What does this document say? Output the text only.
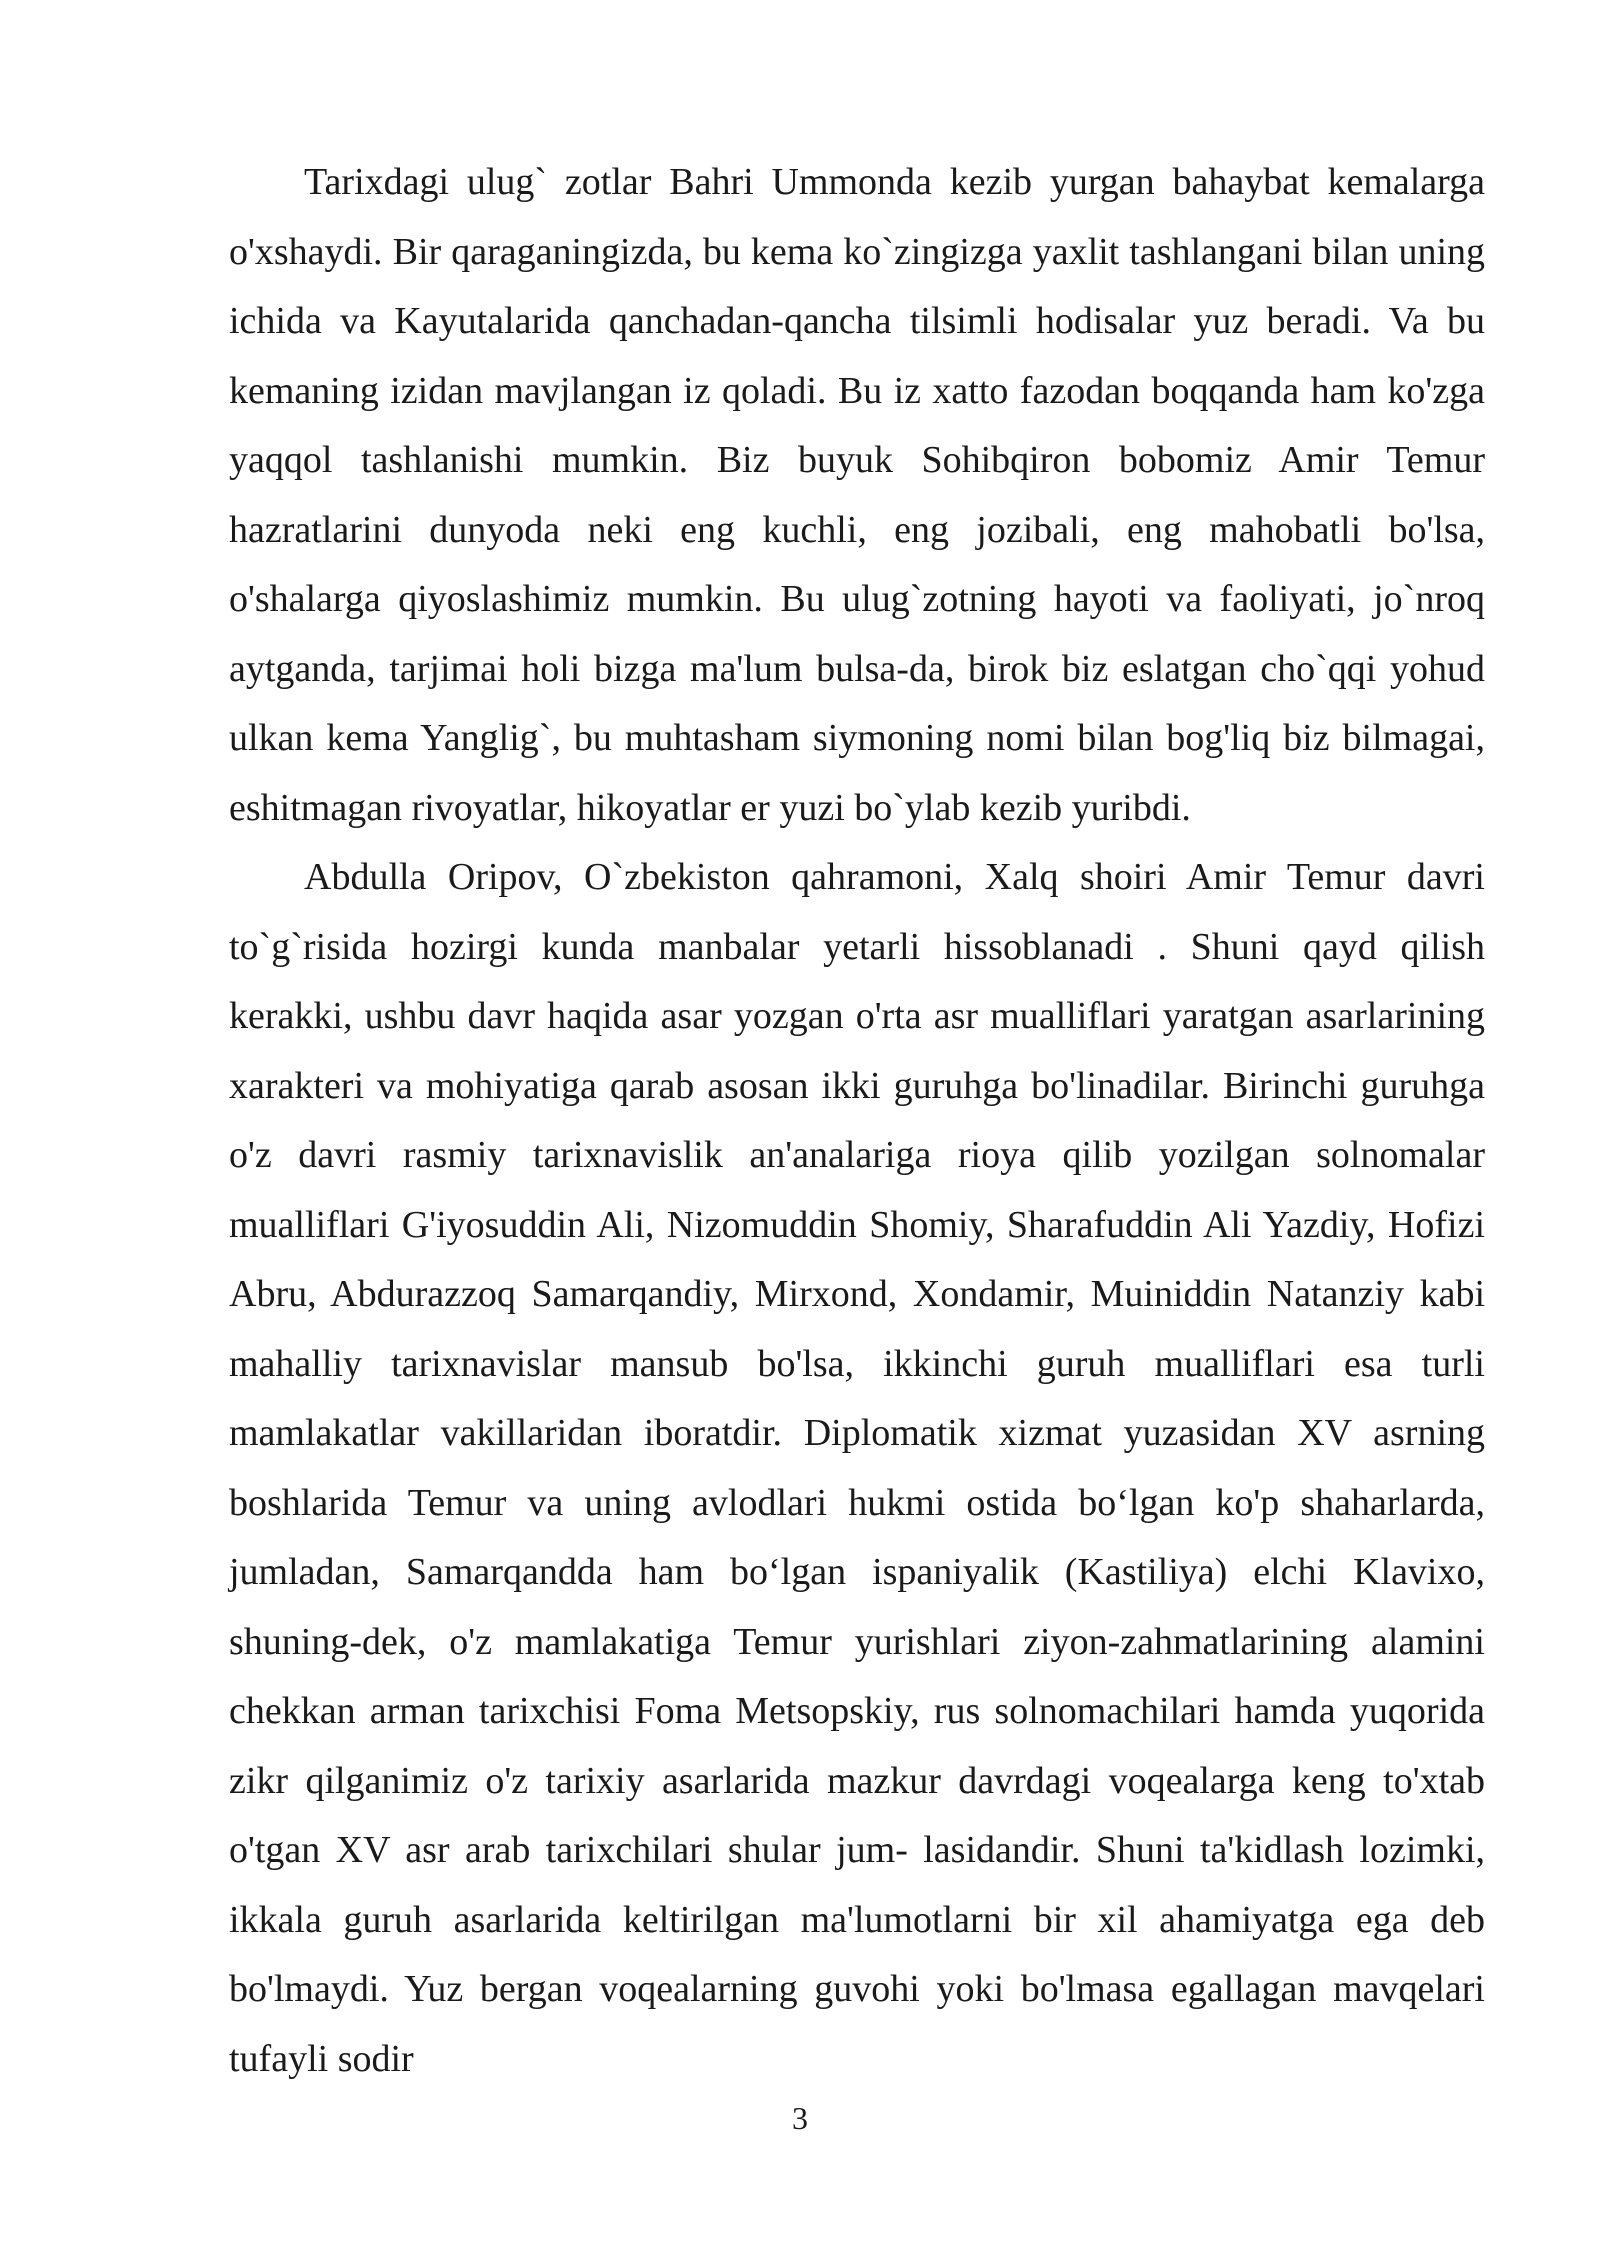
Tarixdagi ulug` zotlar Bahri Ummonda kezib yurgan bahaybat kemalarga o'xshaydi. Bir qaraganingizda, bu kema ko`zingizga yaxlit tashlangani bilan uning ichida va Kayutalarida qanchadan-qancha tilsimli hodisalar yuz beradi. Va bu kemaning izidan mavjlangan iz qoladi. Bu iz xatto fazodan boqqanda ham ko'zga yaqqol tashlanishi mumkin. Biz buyuk Sohibqiron bobomiz Amir Temur hazratlarini dunyoda neki eng kuchli, eng jozibali, eng mahobatli bo'lsa, o'shalarga qiyoslashimiz mumkin. Bu ulug`zotning hayoti va faoliyati, jo`nroq aytganda, tarjimai holi bizga ma'lum bulsa-da, birok biz eslatgan cho`qqi yohud ulkan kema Yanglig`, bu muhtasham siymoning nomi bilan bog'liq biz bilmagai, eshitmagan rivoyatlar, hikoyatlar er yuzi bo`ylab kezib yuribdi.

Abdulla Oripov, O`zbekiston qahramoni, Xalq shoiri Amir Temur davri to`g`risida hozirgi kunda manbalar yetarli hissoblanadi . Shuni qayd qilish kerakki, ushbu davr haqida asar yozgan o'rta asr mualliflari yaratgan asarlarining xarakteri va mohiyatiga qarab asosan ikki guruhga bo'linadilar. Birinchi guruhga o'z davri rasmiy tarixnavislik an'analariga rioya qilib yozilgan solnomalar mualliflari G'iyosuddin Ali, Nizomuddin Shomiy, Sharafuddin Ali Yazdiy, Hofizi Abru, Abdurazzoq Samarqandiy, Mirxond, Xondamir, Muiniddin Natanziy kabi mahalliy tarixnavislar mansub bo'lsa, ikkinchi guruh mualliflari esa turli mamlakatlar vakillaridan iboratdir. Diplomatik xizmat yuzasidan XV asrning boshlarida Temur va uning avlodlari hukmi ostida bo‘lgan ko'p shaharlarda, jumladan, Samarqandda ham bo‘lgan ispaniyalik (Kastiliya) elchi Klavixo, shuning-dek, o'z mamlakatiga Temur yurishlari ziyon-zahmatlarining alamini chekkan arman tarixchisi Foma Metsopskiy, rus solnomachilari hamda yuqorida zikr qilganimiz o'z tarixiy asarlarida mazkur davrdagi voqealarga keng to'xtab o'tgan XV asr arab tarixchilari shular jum- lasidandir. Shuni ta'kidlash lozimki, ikkala guruh asarlarida keltirilgan ma'lumotlarni bir xil ahamiyatga ega deb bo'lmaydi. Yuz bergan voqealarning guvohi yoki bo'lmasa egallagan mavqelari tufayli sodir

3
